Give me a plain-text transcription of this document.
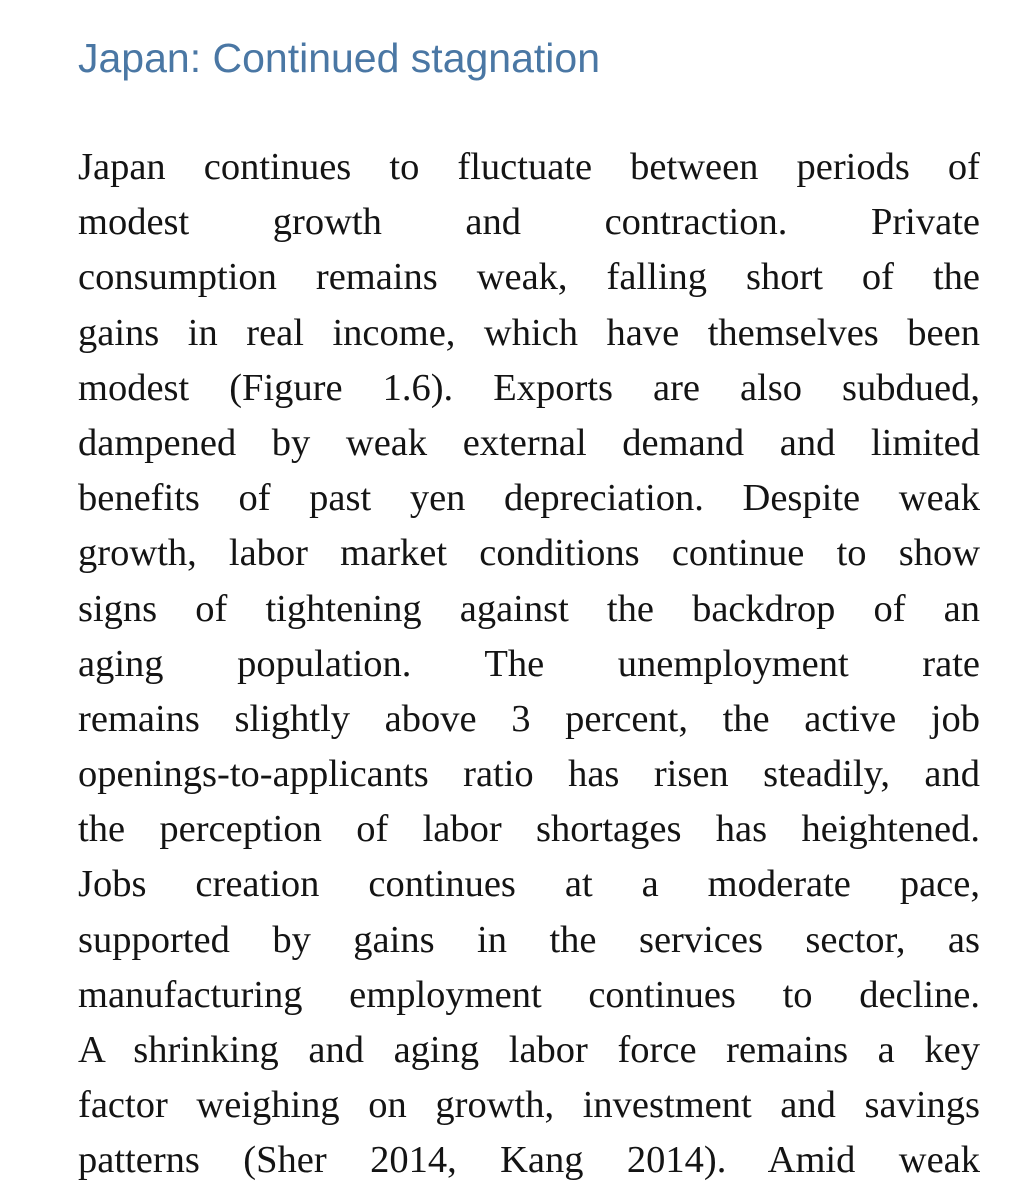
Japan: Continued stagnation
Japan continues to fluctuate between periods of
modest growth and contraction. Private
consumption remains weak, falling short of the
gains in real income, which have themselves been
modest (Figure 1.6). Exports are also subdued,
dampened by weak external demand and limited
benefits of past yen depreciation. Despite weak
growth, labor market conditions continue to show
signs of tightening against the backdrop of an
aging population. The unemployment rate
remains slightly above 3 percent, the active job
openings-to-applicants ratio has risen steadily, and
the perception of labor shortages has heightened.
Jobs creation continues at a moderate pace,
supported by gains in the services sector, as
manufacturing employment continues to decline.
A shrinking and aging labor force remains a key
factor weighing on growth, investment and savings
patterns (Sher 2014, Kang 2014). Amid weak
